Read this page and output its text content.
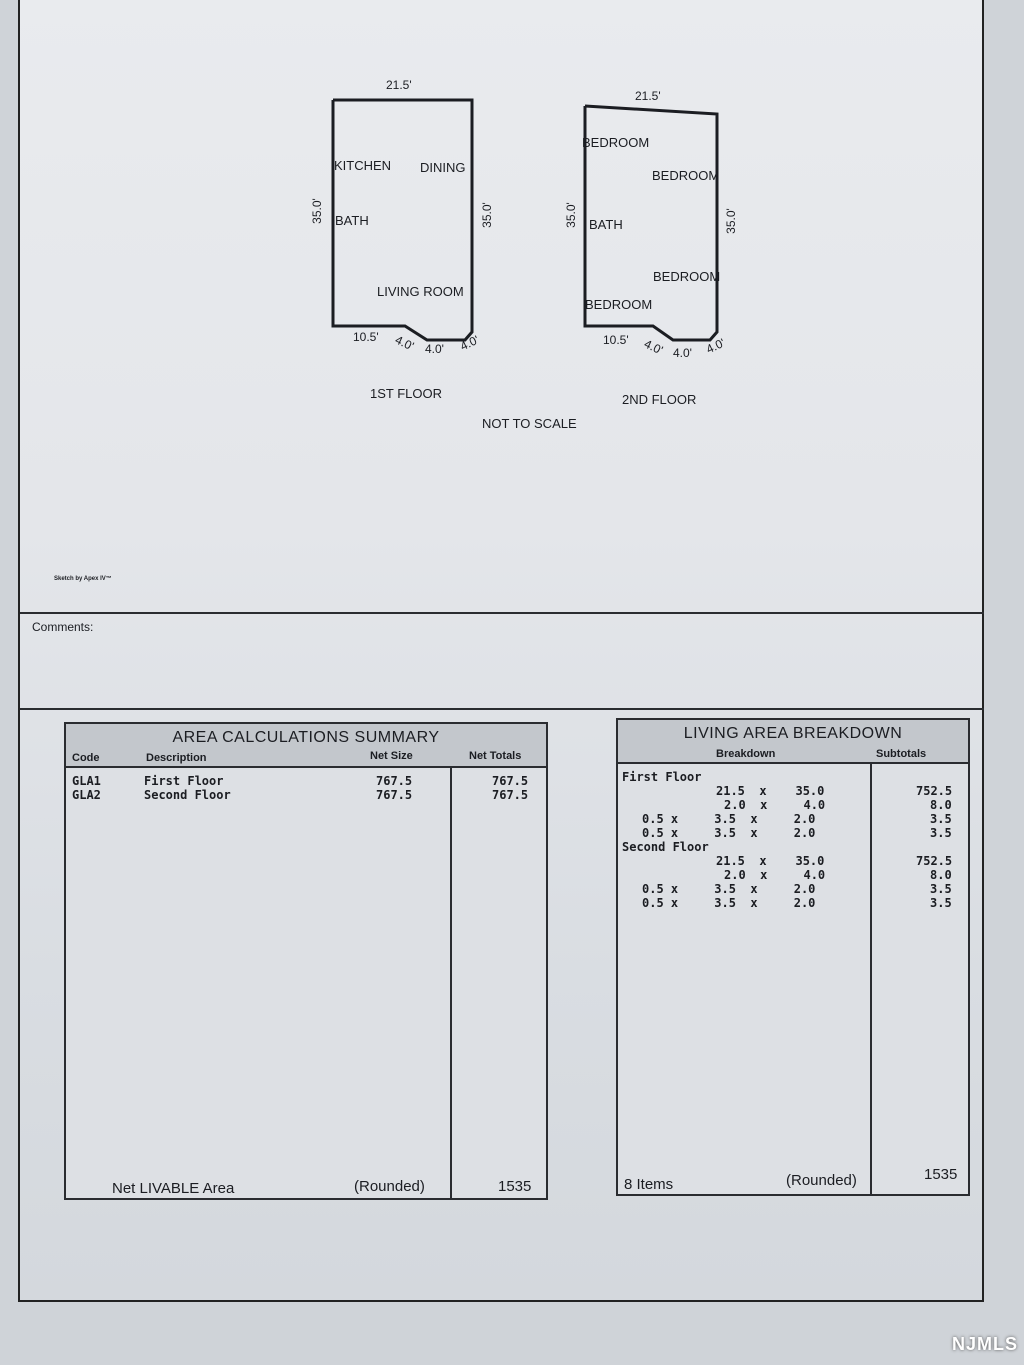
21.5'
35.0'	35.0'
KITCHEN DINING
BATH
LIVING ROOM
10.5' 4.0' 4.0' 4.0'
1ST FLOOR
21.5'
35.0'	35.0'
BEDROOM
BEDROOM
BATH
BEDROOM
BEDROOM
10.5' 4.0' 4.0' 4.0'
2ND FLOOR
NOT TO SCALE
Sketch by Apex IV™
Comments:
AREA CALCULATIONS SUMMARY
Code	Description	Net Size	Net Totals
GLA1	First Floor	767.5	767.5
GLA2	Second Floor	767.5	767.5
Net LIVABLE Area	(Rounded)	1535
LIVING AREA BREAKDOWN
Breakdown	Subtotals
First Floor
21.5  x    35.0	752.5
2.0  x     4.0	8.0
0.5 x     3.5  x     2.0	3.5
0.5 x     3.5  x     2.0	3.5
Second Floor
21.5  x    35.0	752.5
2.0  x     4.0	8.0
0.5 x     3.5  x     2.0	3.5
0.5 x     3.5  x     2.0	3.5
8 Items	(Rounded)	1535
NJMLS
